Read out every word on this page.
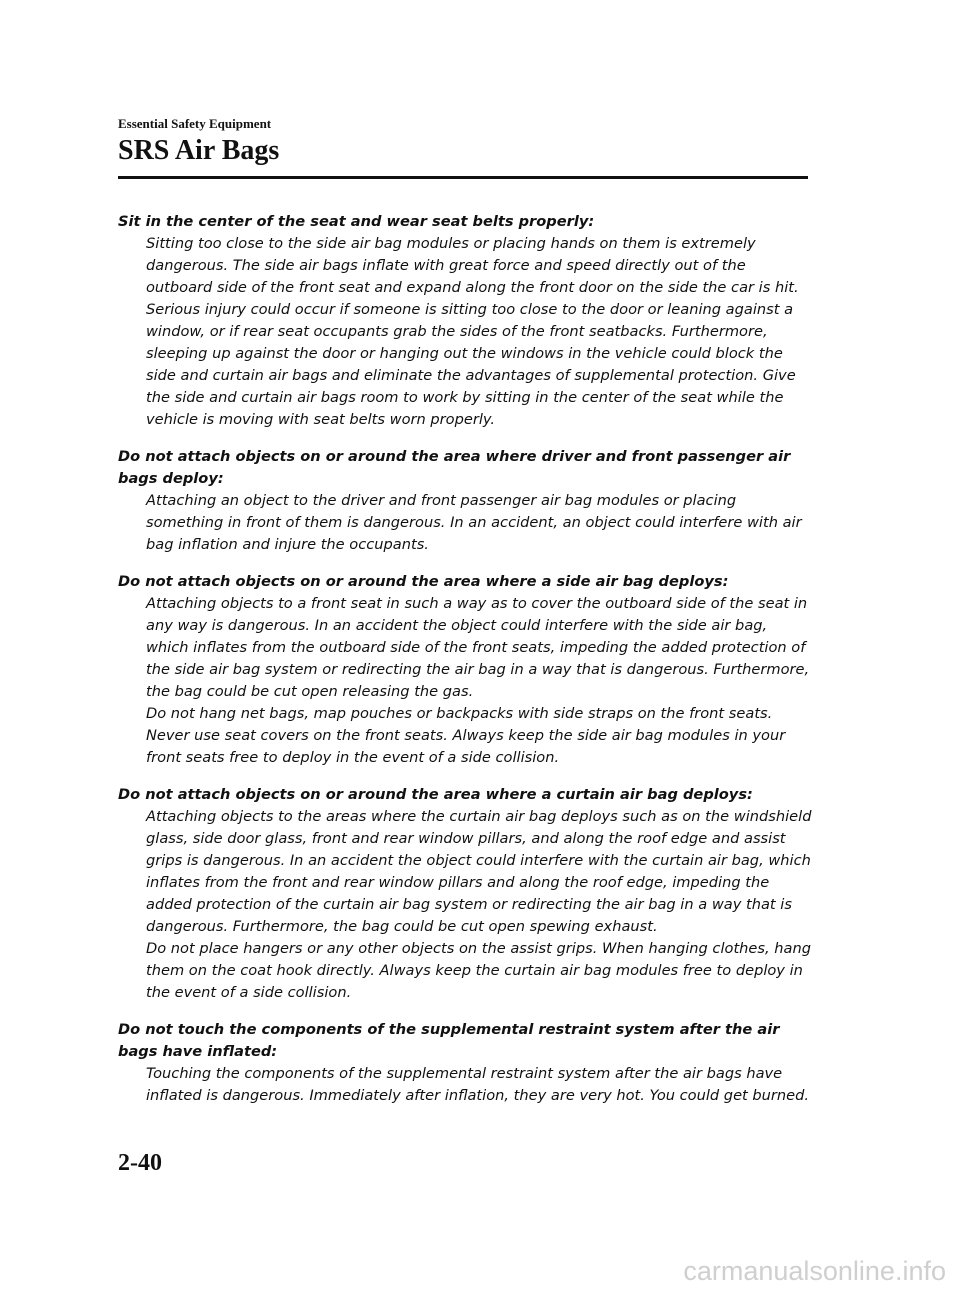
Essential Safety Equipment
SRS Air Bags
Sit in the center of the seat and wear seat belts properly:

Sitting too close to the side air bag modules or placing hands on them is extremely dangerous. The side air bags inflate with great force and speed directly out of the outboard side of the front seat and expand along the front door on the side the car is hit. Serious injury could occur if someone is sitting too close to the door or leaning against a window, or if rear seat occupants grab the sides of the front seatbacks. Furthermore, sleeping up against the door or hanging out the windows in the vehicle could block the side and curtain air bags and eliminate the advantages of supplemental protection. Give the side and curtain air bags room to work by sitting in the center of the seat while the vehicle is moving with seat belts worn properly.

Do not attach objects on or around the area where driver and front passenger air bags deploy:

Attaching an object to the driver and front passenger air bag modules or placing something in front of them is dangerous. In an accident, an object could interfere with air bag inflation and injure the occupants.

Do not attach objects on or around the area where a side air bag deploys:

Attaching objects to a front seat in such a way as to cover the outboard side of the seat in any way is dangerous. In an accident the object could interfere with the side air bag, which inflates from the outboard side of the front seats, impeding the added protection of the side air bag system or redirecting the air bag in a way that is dangerous. Furthermore, the bag could be cut open releasing the gas.

Do not hang net bags, map pouches or backpacks with side straps on the front seats. Never use seat covers on the front seats. Always keep the side air bag modules in your front seats free to deploy in the event of a side collision.

Do not attach objects on or around the area where a curtain air bag deploys:

Attaching objects to the areas where the curtain air bag deploys such as on the windshield glass, side door glass, front and rear window pillars, and along the roof edge and assist grips is dangerous. In an accident the object could interfere with the curtain air bag, which inflates from the front and rear window pillars and along the roof edge, impeding the added protection of the curtain air bag system or redirecting the air bag in a way that is dangerous. Furthermore, the bag could be cut open spewing exhaust.

Do not place hangers or any other objects on the assist grips. When hanging clothes, hang them on the coat hook directly. Always keep the curtain air bag modules free to deploy in the event of a side collision.

Do not touch the components of the supplemental restraint system after the air bags have inflated:

Touching the components of the supplemental restraint system after the air bags have inflated is dangerous. Immediately after inflation, they are very hot. You could get burned.

2-40
carmanualsonline.info
